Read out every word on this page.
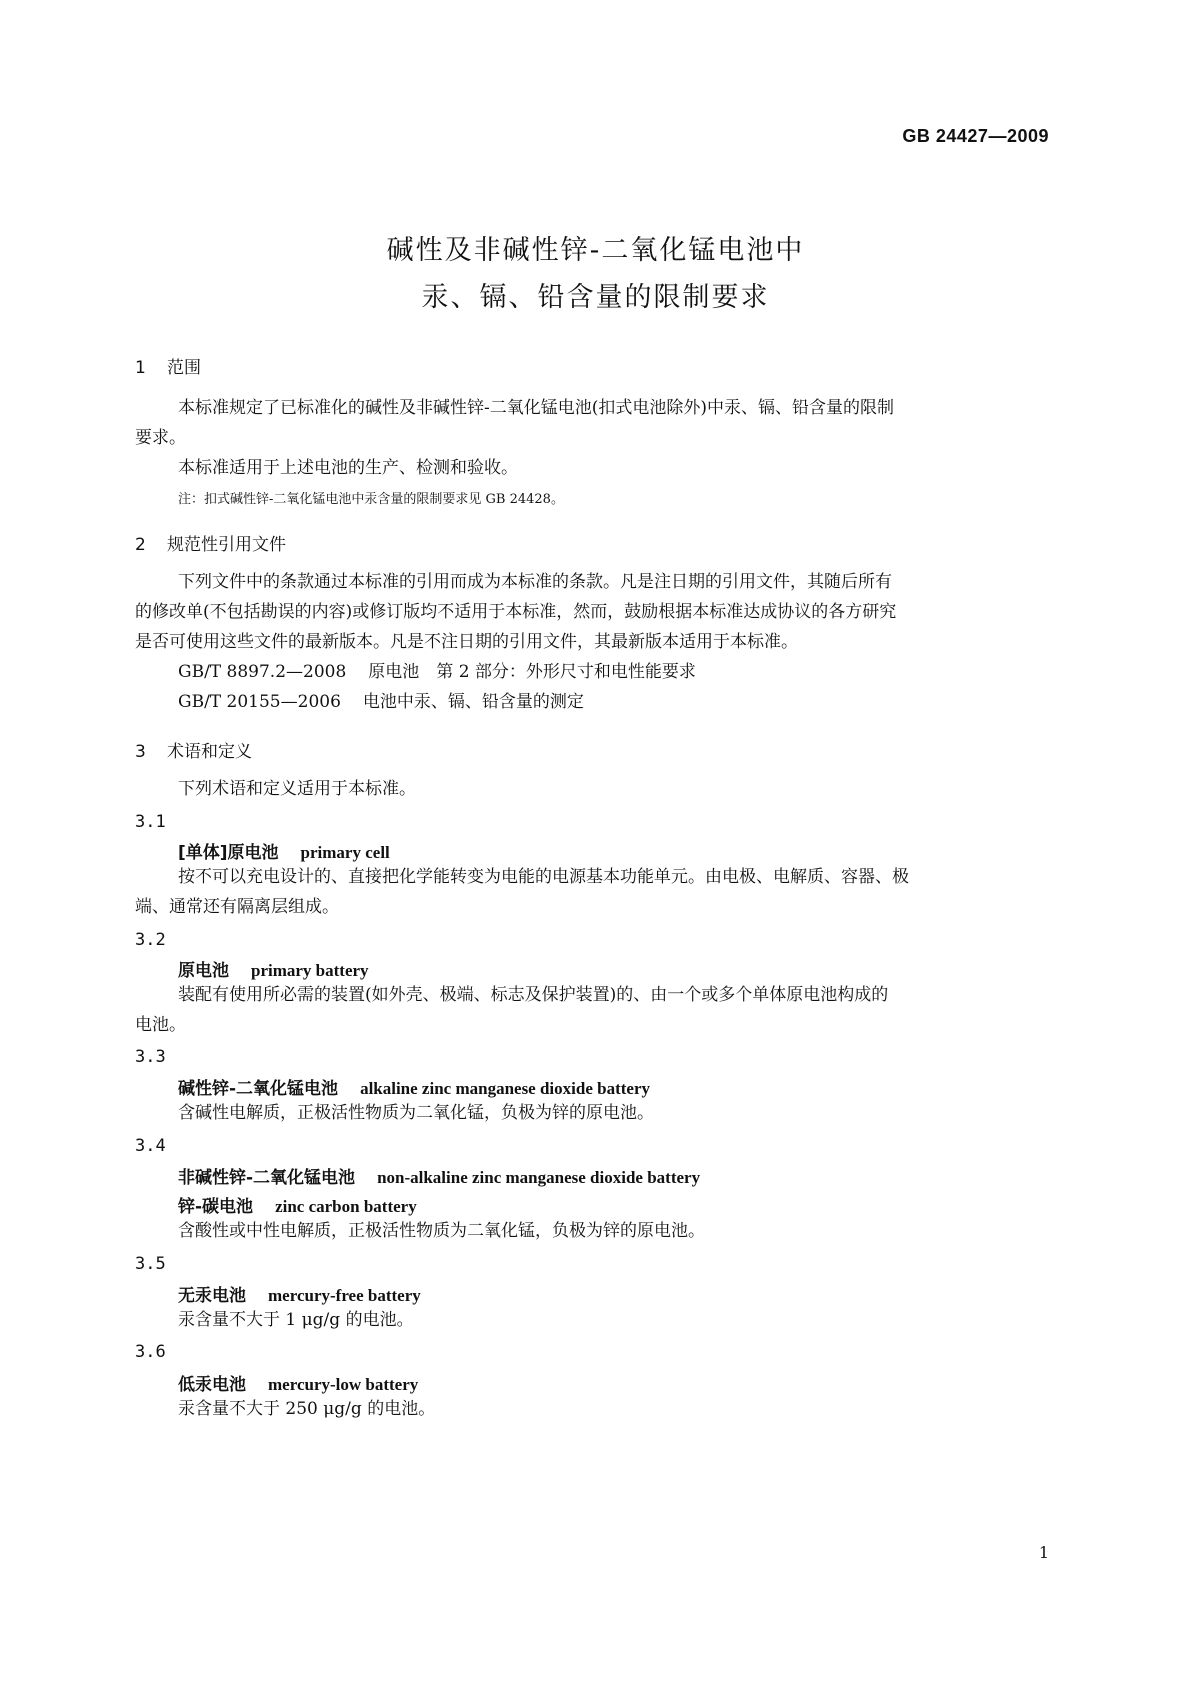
GB 24427—2009
碱性及非碱性锌-二氧化锰电池中
汞、镉、铅含量的限制要求
1 范围
本标准规定了已标准化的碱性及非碱性锌-二氧化锰电池(扣式电池除外)中汞、镉、铅含量的限制
要求。
本标准适用于上述电池的生产、检测和验收。
注：扣式碱性锌-二氧化锰电池中汞含量的限制要求见 GB 24428。
2 规范性引用文件
下列文件中的条款通过本标准的引用而成为本标准的条款。凡是注日期的引用文件，其随后所有
的修改单(不包括勘误的内容)或修订版均不适用于本标准，然而，鼓励根据本标准达成协议的各方研究
是否可使用这些文件的最新版本。凡是不注日期的引用文件，其最新版本适用于本标准。
GB/T 8897.2—2008 原电池　第 2 部分：外形尺寸和电性能要求
GB/T 20155—2006 电池中汞、镉、铅含量的测定
3 术语和定义
下列术语和定义适用于本标准。
3.1
[单体]原电池 primary cell
按不可以充电设计的、直接把化学能转变为电能的电源基本功能单元。由电极、电解质、容器、极
端、通常还有隔离层组成。
3.2
原电池 primary battery
装配有使用所必需的装置(如外壳、极端、标志及保护装置)的、由一个或多个单体原电池构成的
电池。
3.3
碱性锌-二氧化锰电池 alkaline zinc manganese dioxide battery
含碱性电解质，正极活性物质为二氧化锰，负极为锌的原电池。
3.4
非碱性锌-二氧化锰电池 non-alkaline zinc manganese dioxide battery
锌-碳电池 zinc carbon battery
含酸性或中性电解质，正极活性物质为二氧化锰，负极为锌的原电池。
3.5
无汞电池 mercury-free battery
汞含量不大于 1 μg/g 的电池。
3.6
低汞电池 mercury-low battery
汞含量不大于 250 μg/g 的电池。
1
